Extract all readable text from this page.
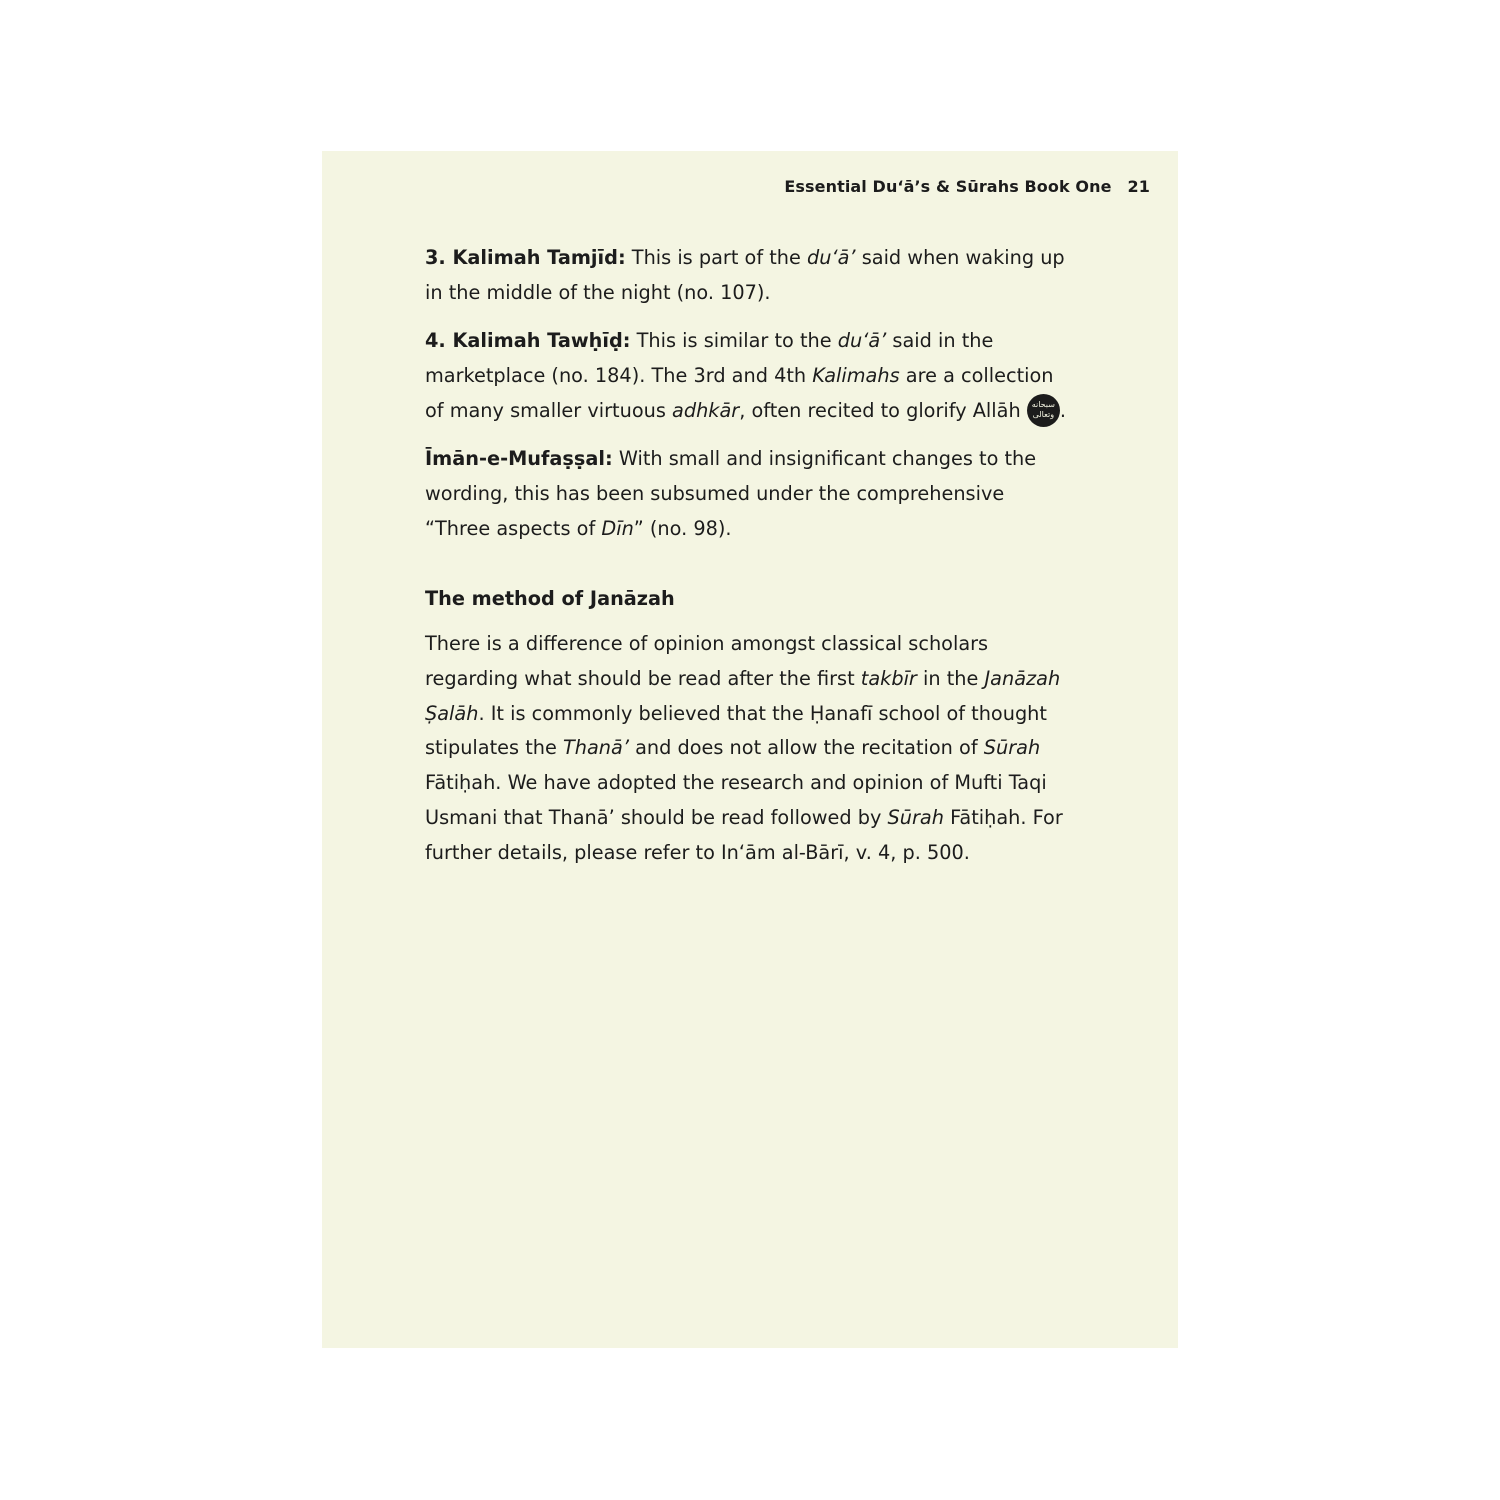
Essential Du‘ā’s & Sūrahs Book One 21

3. Kalimah Tamjīd: This is part of the du‘ā’ said when waking up in the middle of the night (no. 107).

4. Kalimah Tawḥīḍ: This is similar to the du‘ā’ said in the marketplace (no. 184). The 3rd and 4th Kalimahs are a collection of many smaller virtuous adhkār, often recited to glorify Allāh سبحانه وتعالى .

Īmān-e-Mufaṣṣal: With small and insignificant changes to the wording, this has been subsumed under the comprehensive “Three aspects of Dīn” (no. 98).

The method of Janāzah

There is a difference of opinion amongst classical scholars regarding what should be read after the first takbīr in the Janāzah Ṣalāh. It is commonly believed that the Ḥanafī school of thought stipulates the Thanā’ and does not allow the recitation of Sūrah Fātiḥah. We have adopted the research and opinion of Mufti Taqi Usmani that Thanā’ should be read followed by Sūrah Fātiḥah. For further details, please refer to In‘ām al-Bārī, v. 4, p. 500.
